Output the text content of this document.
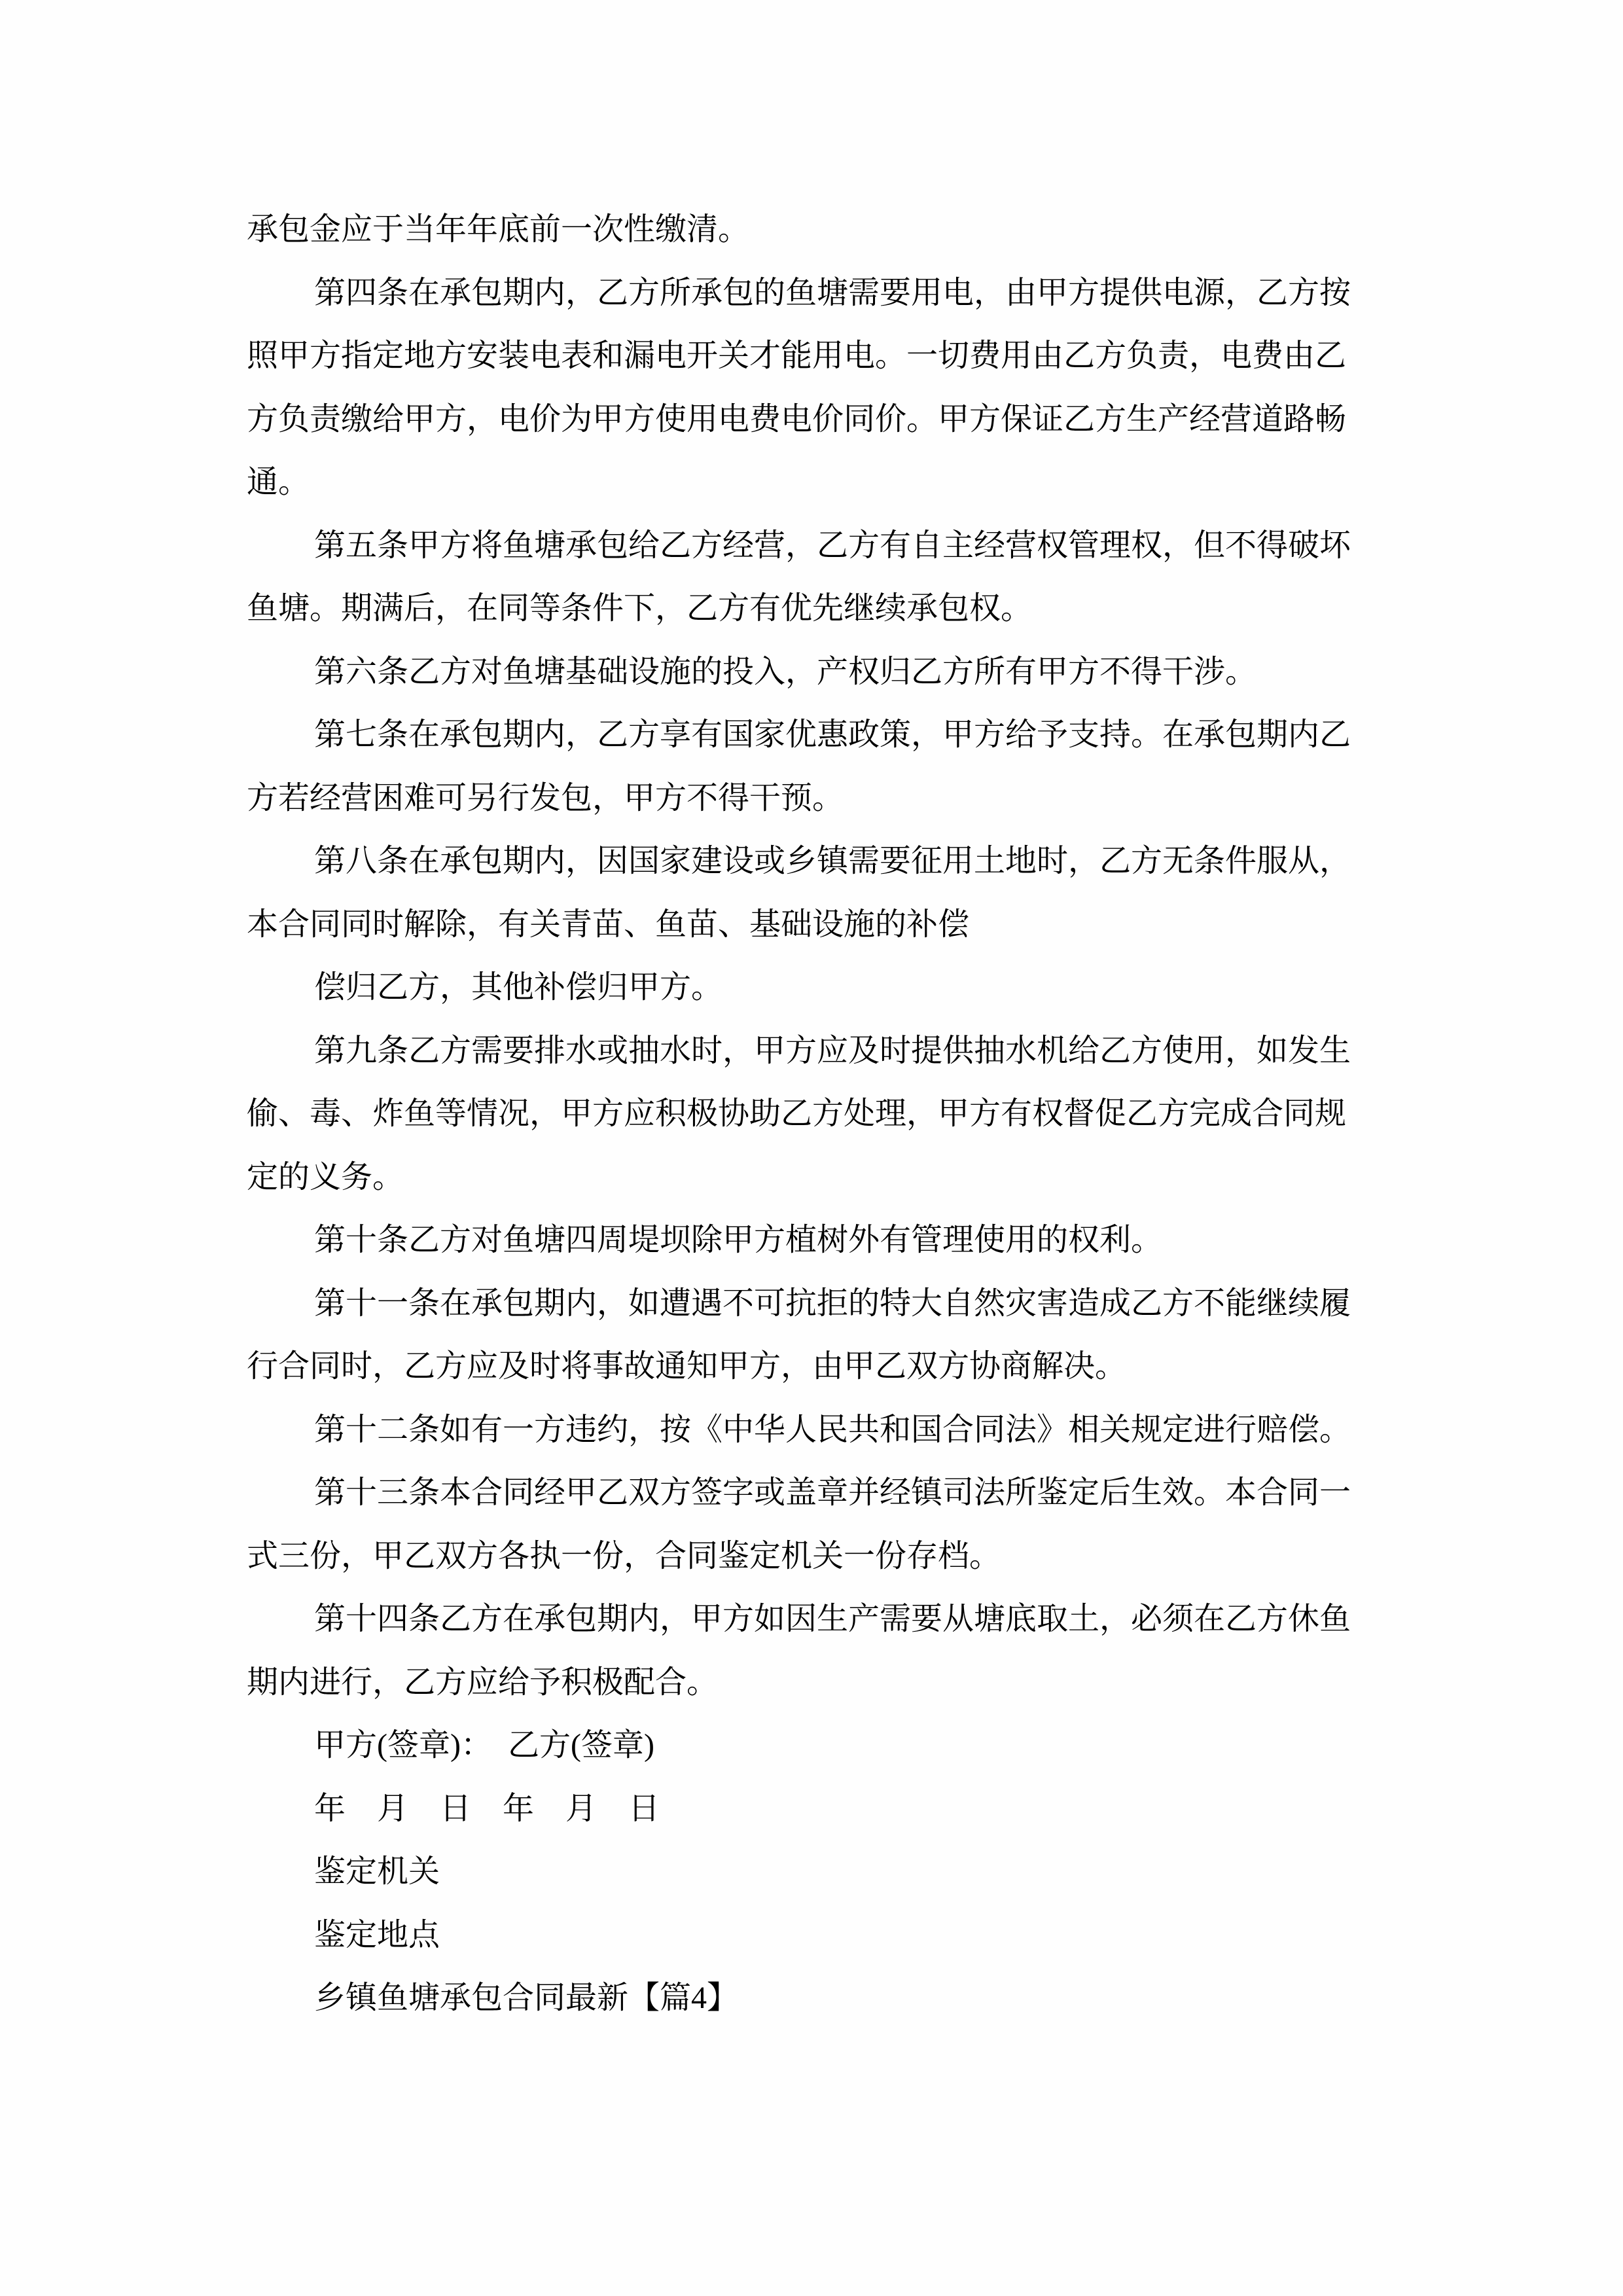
承包金应于当年年底前一次性缴清。
第四条在承包期内，乙方所承包的鱼塘需要用电，由甲方提供电源，乙方按
照甲方指定地方安装电表和漏电开关才能用电。一切费用由乙方负责，电费由乙
方负责缴给甲方，电价为甲方使用电费电价同价。甲方保证乙方生产经营道路畅
通。
第五条甲方将鱼塘承包给乙方经营，乙方有自主经营权管理权，但不得破坏
鱼塘。期满后，在同等条件下，乙方有优先继续承包权。
第六条乙方对鱼塘基础设施的投入，产权归乙方所有甲方不得干涉。
第七条在承包期内，乙方享有国家优惠政策，甲方给予支持。在承包期内乙
方若经营困难可另行发包，甲方不得干预。
第八条在承包期内，因国家建设或乡镇需要征用土地时，乙方无条件服从，
本合同同时解除，有关青苗、鱼苗、基础设施的补偿
偿归乙方，其他补偿归甲方。
第九条乙方需要排水或抽水时，甲方应及时提供抽水机给乙方使用，如发生
偷、毒、炸鱼等情况，甲方应积极协助乙方处理，甲方有权督促乙方完成合同规
定的义务。
第十条乙方对鱼塘四周堤坝除甲方植树外有管理使用的权利。
第十一条在承包期内，如遭遇不可抗拒的特大自然灾害造成乙方不能继续履
行合同时，乙方应及时将事故通知甲方，由甲乙双方协商解决。
第十二条如有一方违约，按《中华人民共和国合同法》相关规定进行赔偿。
第十三条本合同经甲乙双方签字或盖章并经镇司法所鉴定后生效。本合同一
式三份，甲乙双方各执一份，合同鉴定机关一份存档。
第十四条乙方在承包期内，甲方如因生产需要从塘底取土，必须在乙方休鱼
期内进行，乙方应给予积极配合。
甲方(签章)：　乙方(签章)
年　月　日　年　月　日
鉴定机关
鉴定地点
乡镇鱼塘承包合同最新【篇4】
